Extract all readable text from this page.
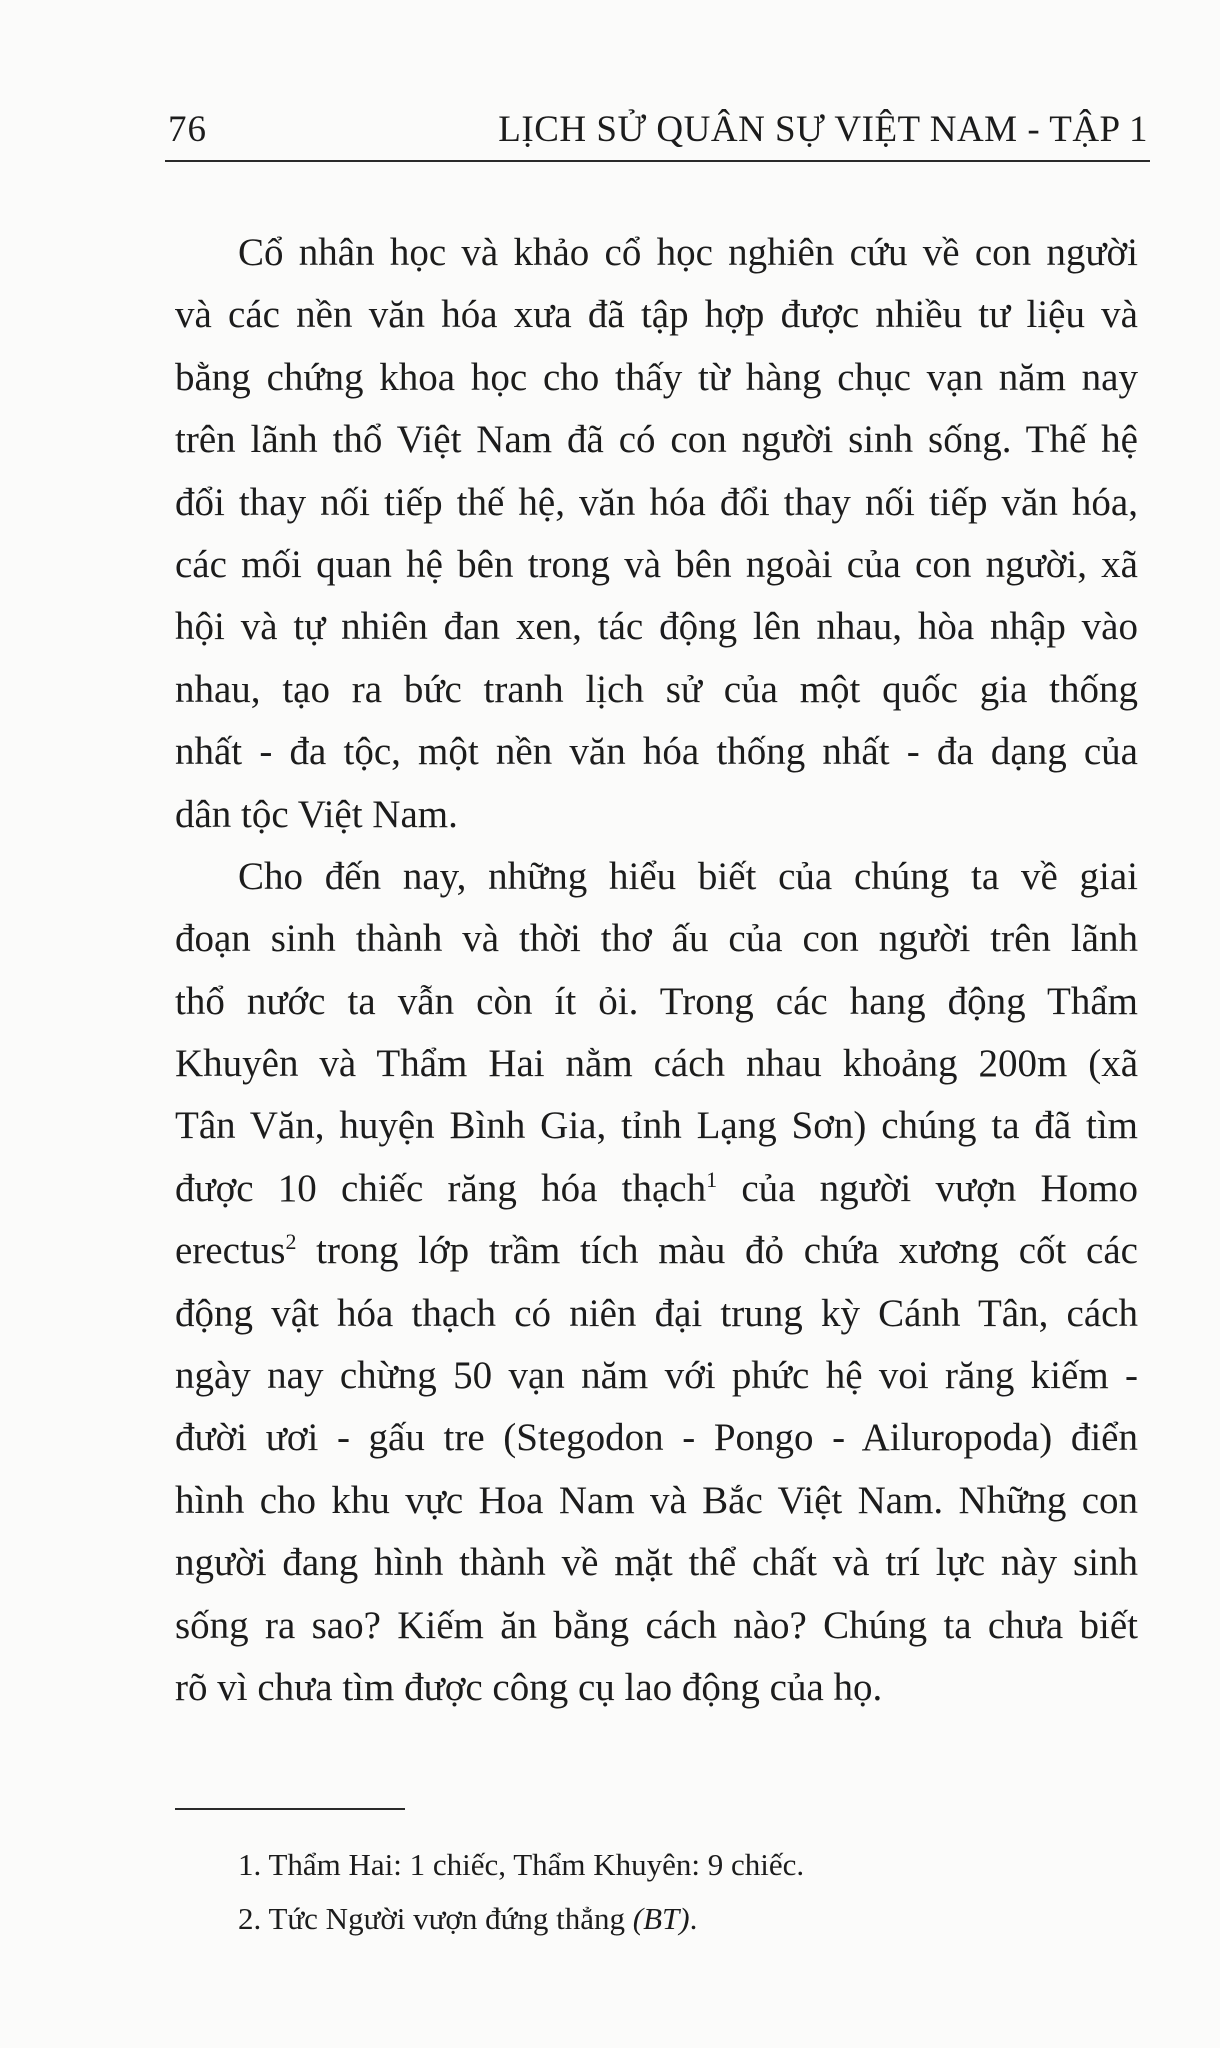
76	LỊCH SỬ QUÂN SỰ VIỆT NAM - TẬP 1
Cổ nhân học và khảo cổ học nghiên cứu về con người
và các nền văn hóa xưa đã tập hợp được nhiều tư liệu và
bằng chứng khoa học cho thấy từ hàng chục vạn năm nay
trên lãnh thổ Việt Nam đã có con người sinh sống. Thế hệ
đổi thay nối tiếp thế hệ, văn hóa đổi thay nối tiếp văn hóa,
các mối quan hệ bên trong và bên ngoài của con người, xã
hội và tự nhiên đan xen, tác động lên nhau, hòa nhập vào
nhau, tạo ra bức tranh lịch sử của một quốc gia thống
nhất - đa tộc, một nền văn hóa thống nhất - đa dạng của
dân tộc Việt Nam.
Cho đến nay, những hiểu biết của chúng ta về giai
đoạn sinh thành và thời thơ ấu của con người trên lãnh
thổ nước ta vẫn còn ít ỏi. Trong các hang động Thẩm
Khuyên và Thẩm Hai nằm cách nhau khoảng 200m (xã
Tân Văn, huyện Bình Gia, tỉnh Lạng Sơn) chúng ta đã tìm
được 10 chiếc răng hóa thạch$^1$ của người vượn Homo
erectus$^2$ trong lớp trầm tích màu đỏ chứa xương cốt các
động vật hóa thạch có niên đại trung kỳ Cánh Tân, cách
ngày nay chừng 50 vạn năm với phức hệ voi răng kiếm -
đười ươi - gấu tre (Stegodon - Pongo - Ailuropoda) điển
hình cho khu vực Hoa Nam và Bắc Việt Nam. Những con
người đang hình thành về mặt thể chất và trí lực này sinh
sống ra sao? Kiếm ăn bằng cách nào? Chúng ta chưa biết
rõ vì chưa tìm được công cụ lao động của họ.
1. Thẩm Hai: 1 chiếc, Thẩm Khuyên: 9 chiếc.
2. Tức Người vượn đứng thẳng (BT).
